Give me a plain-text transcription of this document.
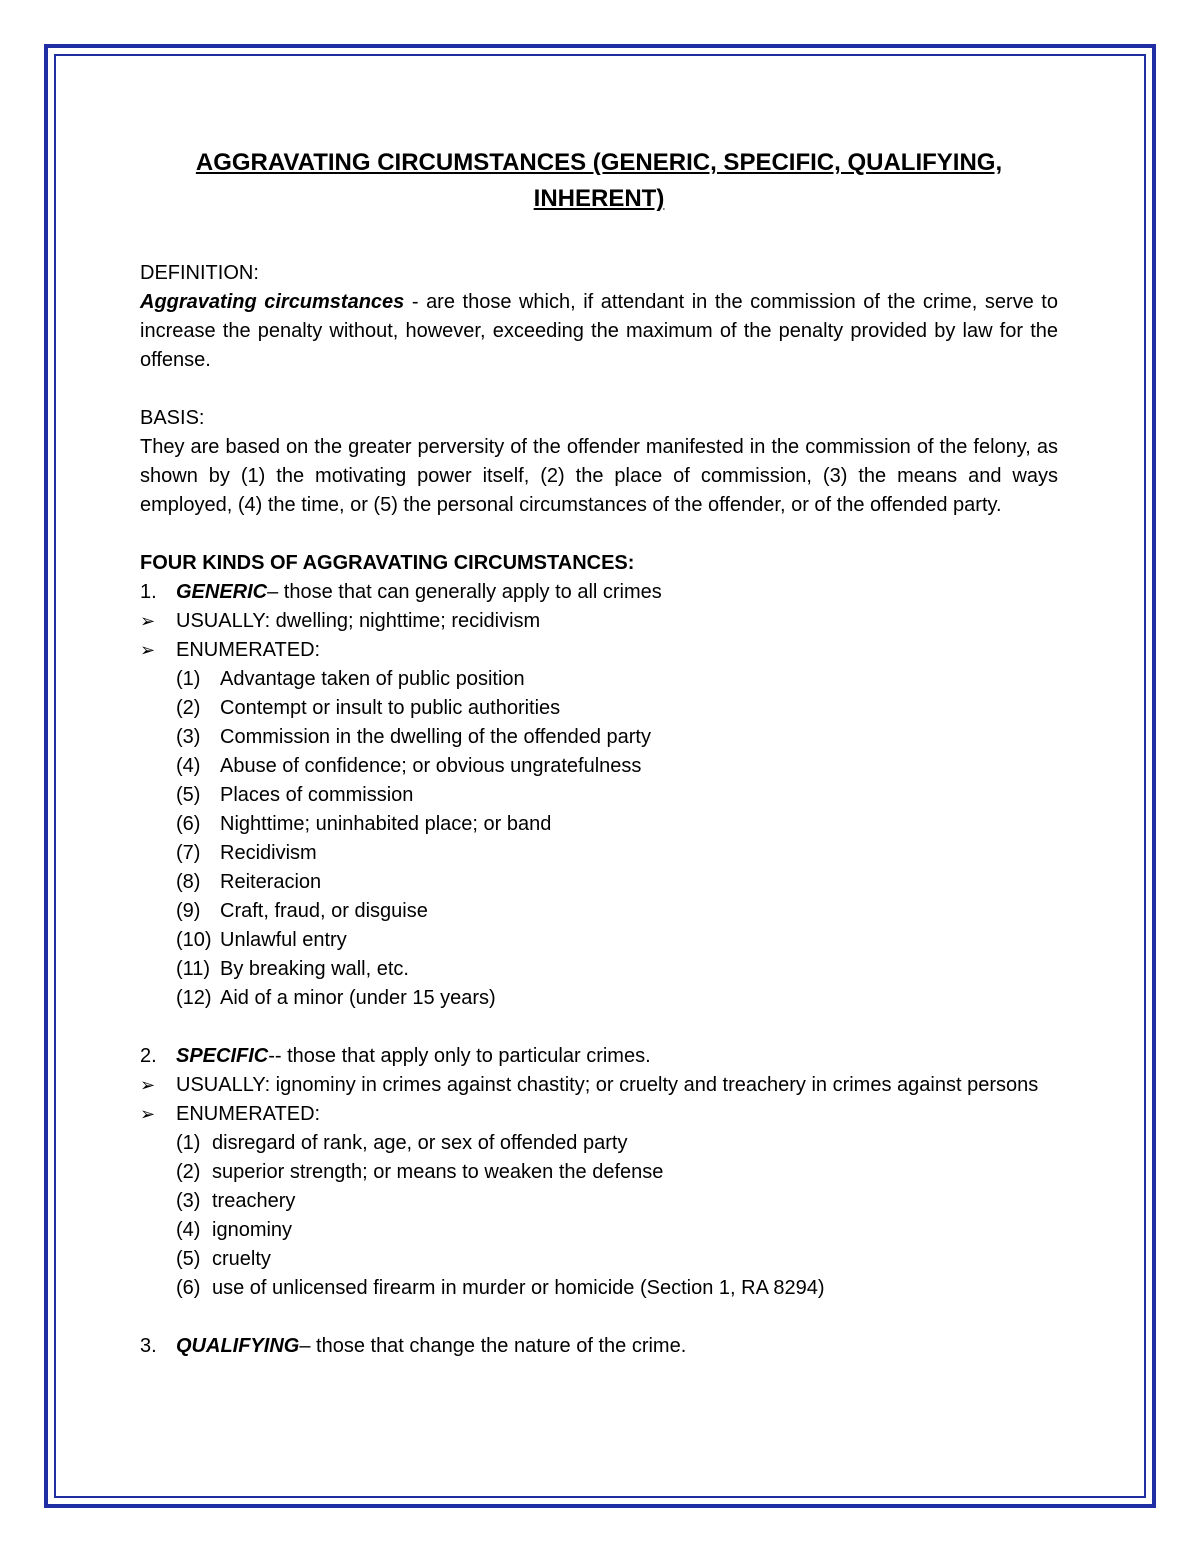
AGGRAVATING CIRCUMSTANCES (GENERIC, SPECIFIC, QUALIFYING, INHERENT)

DEFINITION:

Aggravating circumstances - are those which, if attendant in the commission of the crime, serve to increase the penalty without, however, exceeding the maximum of the penalty provided by law for the offense.

BASIS:

They are based on the greater perversity of the offender manifested in the commission of the felony, as shown by (1) the motivating power itself, (2) the place of commission, (3) the means and ways employed, (4) the time, or (5) the personal circumstances of the offender, or of the offended party.

FOUR KINDS OF AGGRAVATING CIRCUMSTANCES:

1. GENERIC– those that can generally apply to all crimes
➢	USUALLY: dwelling; nighttime; recidivism
➢	ENUMERATED:
(1) Advantage taken of public position
(2) Contempt or insult to public authorities
(3) Commission in the dwelling of the offended party
(4) Abuse of confidence; or obvious ungratefulness
(5) Places of commission
(6) Nighttime; uninhabited place; or band
(7) Recidivism
(8) Reiteracion
(9) Craft, fraud, or disguise
(10) Unlawful entry
(11) By breaking wall, etc.
(12) Aid of a minor (under 15 years)
2. SPECIFIC-- those that apply only to particular crimes.
➢	USUALLY: ignominy in crimes against chastity; or cruelty and treachery in crimes against persons
➢	ENUMERATED:
(1) disregard of rank, age, or sex of offended party
(2) superior strength; or means to weaken the defense
(3) treachery
(4) ignominy
(5) cruelty
(6) use of unlicensed firearm in murder or homicide (Section 1, RA 8294)
3. QUALIFYING– those that change the nature of the crime.
